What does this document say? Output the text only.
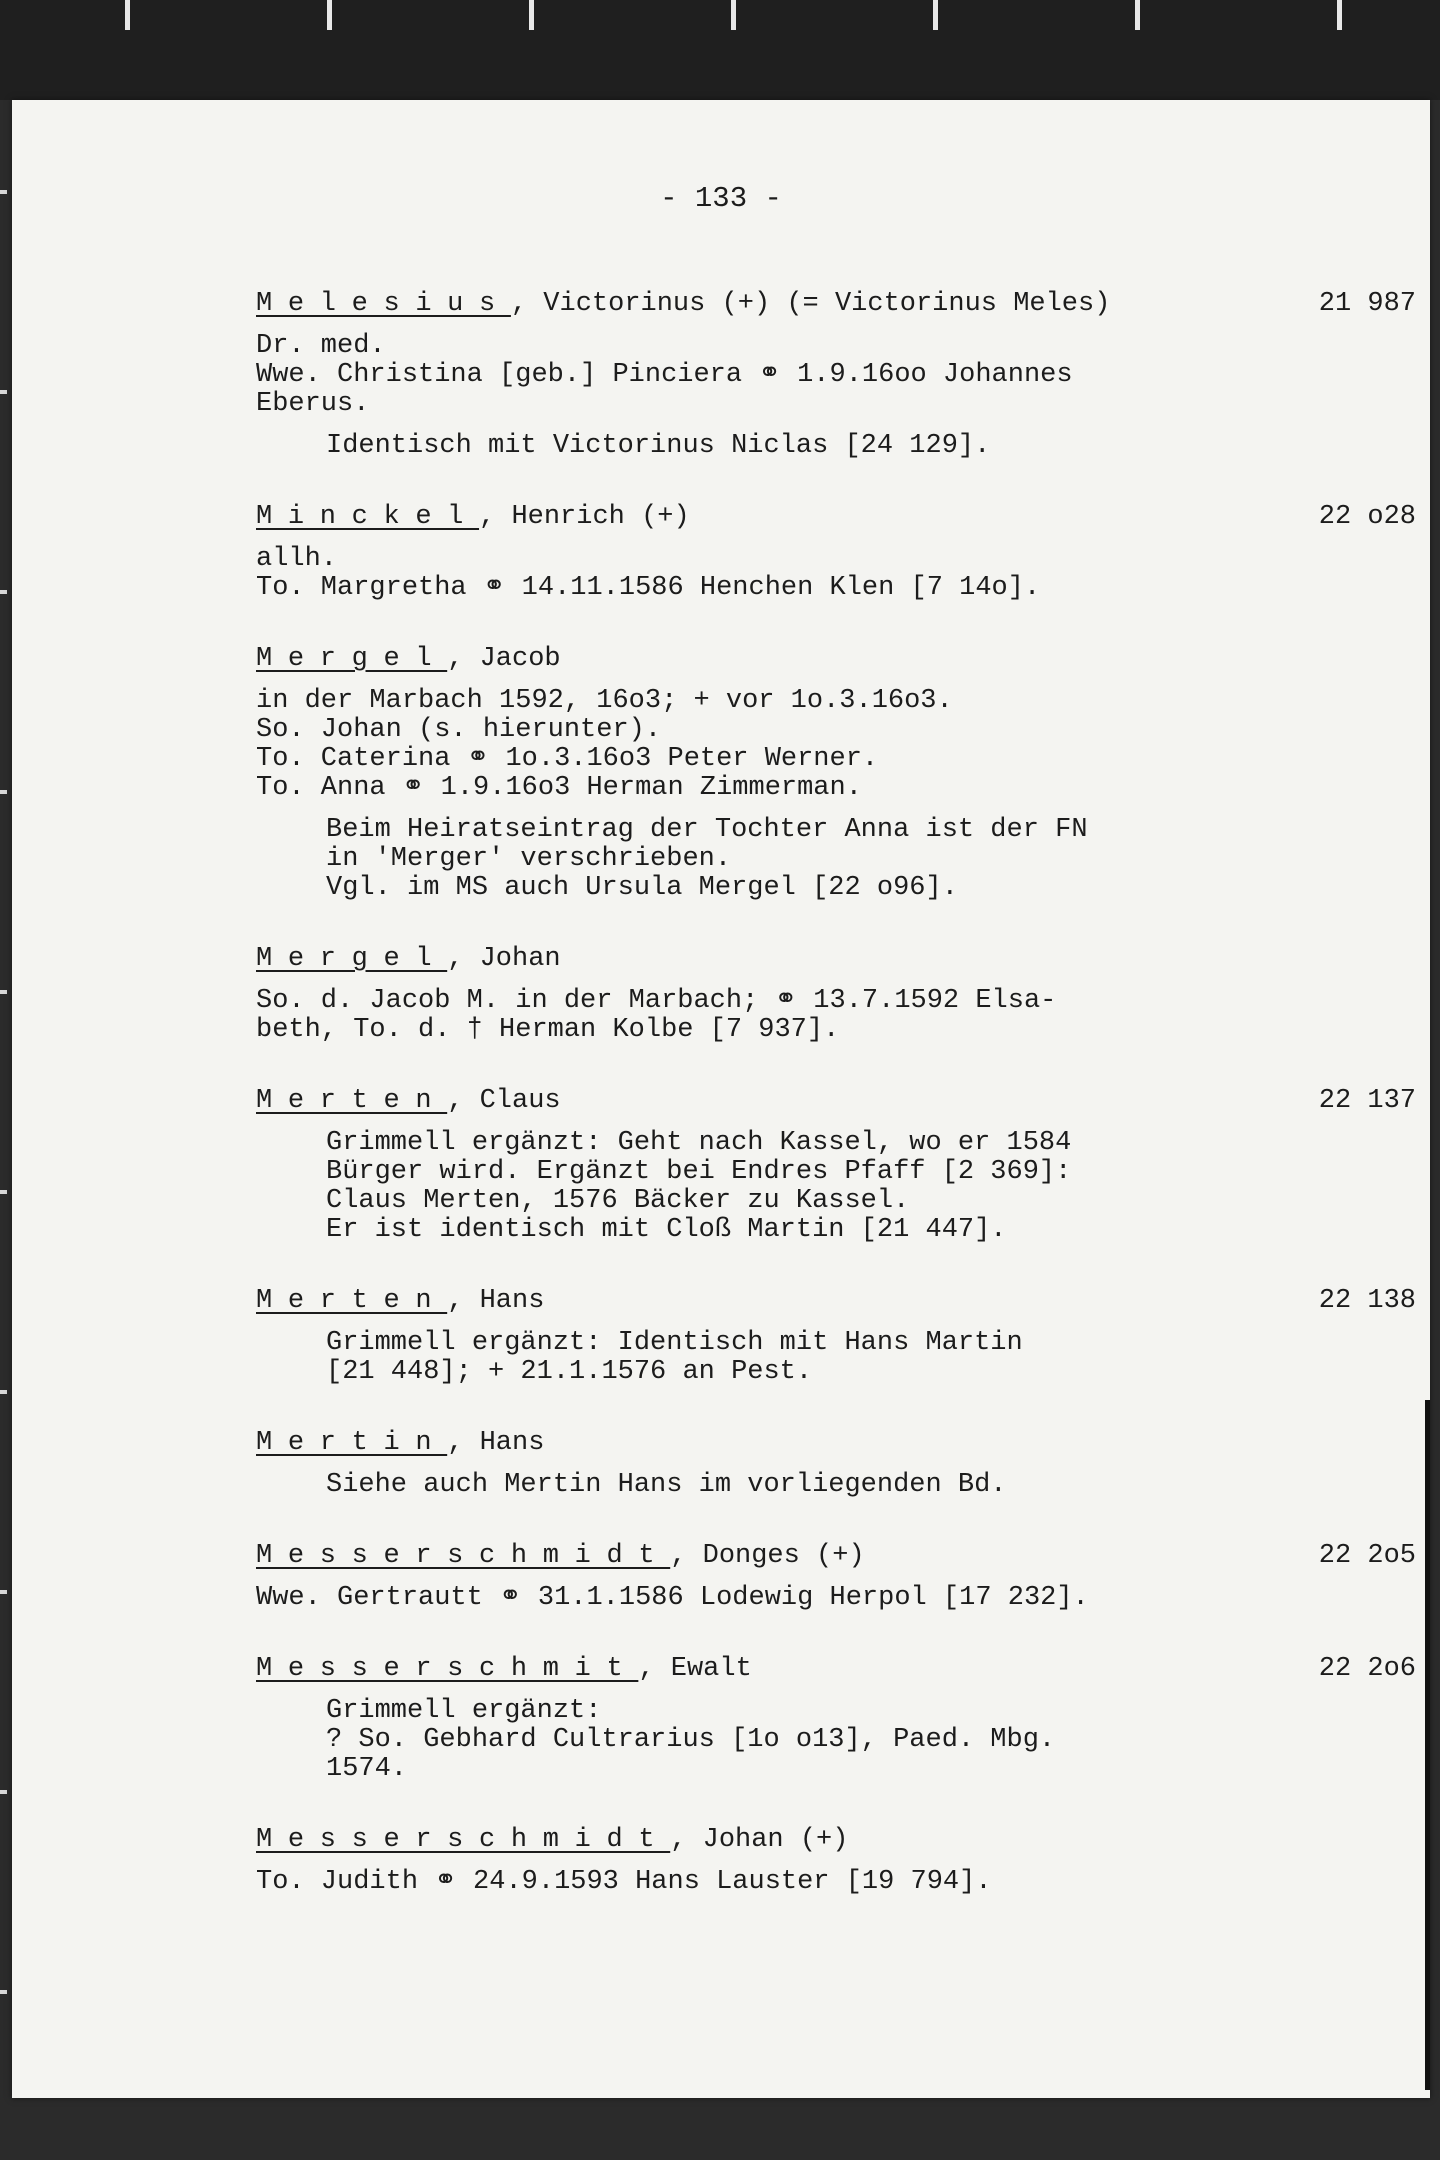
- 133 -
Melesius, Victorinus (+) (= Victorinus Meles)	21 987
Dr. med.
Wwe. Christina [geb.] Pinciera ⚭ 1.9.16oo Johannes
Eberus.
Identisch mit Victorinus Niclas [24 129].
Minckel, Henrich (+)	22 o28
allh.
To. Margretha ⚭ 14.11.1586 Henchen Klen [7 14o].
Mergel, Jacob
in der Marbach 1592, 16o3; + vor 1o.3.16o3.
So. Johan (s. hierunter).
To. Caterina ⚭ 1o.3.16o3 Peter Werner.
To. Anna ⚭ 1.9.16o3 Herman Zimmerman.
Beim Heiratseintrag der Tochter Anna ist der FN
in 'Merger' verschrieben.
Vgl. im MS auch Ursula Mergel [22 o96].
Mergel, Johan
So. d. Jacob M. in der Marbach; ⚭ 13.7.1592 Elsa-
beth, To. d. † Herman Kolbe [7 937].
Merten, Claus	22 137
Grimmell ergänzt: Geht nach Kassel, wo er 1584
Bürger wird. Ergänzt bei Endres Pfaff [2 369]:
Claus Merten, 1576 Bäcker zu Kassel.
Er ist identisch mit Cloß Martin [21 447].
Merten, Hans	22 138
Grimmell ergänzt: Identisch mit Hans Martin
[21 448]; + 21.1.1576 an Pest.
Mertin, Hans
Siehe auch Mertin Hans im vorliegenden Bd.
Messerschmidt, Donges (+)	22 2o5
Wwe. Gertrautt ⚭ 31.1.1586 Lodewig Herpol [17 232].
Messerschmit, Ewalt	22 2o6
Grimmell ergänzt:
? So. Gebhard Cultrarius [1o o13], Paed. Mbg.
1574.
Messerschmidt, Johan (+)
To. Judith ⚭ 24.9.1593 Hans Lauster [19 794].
